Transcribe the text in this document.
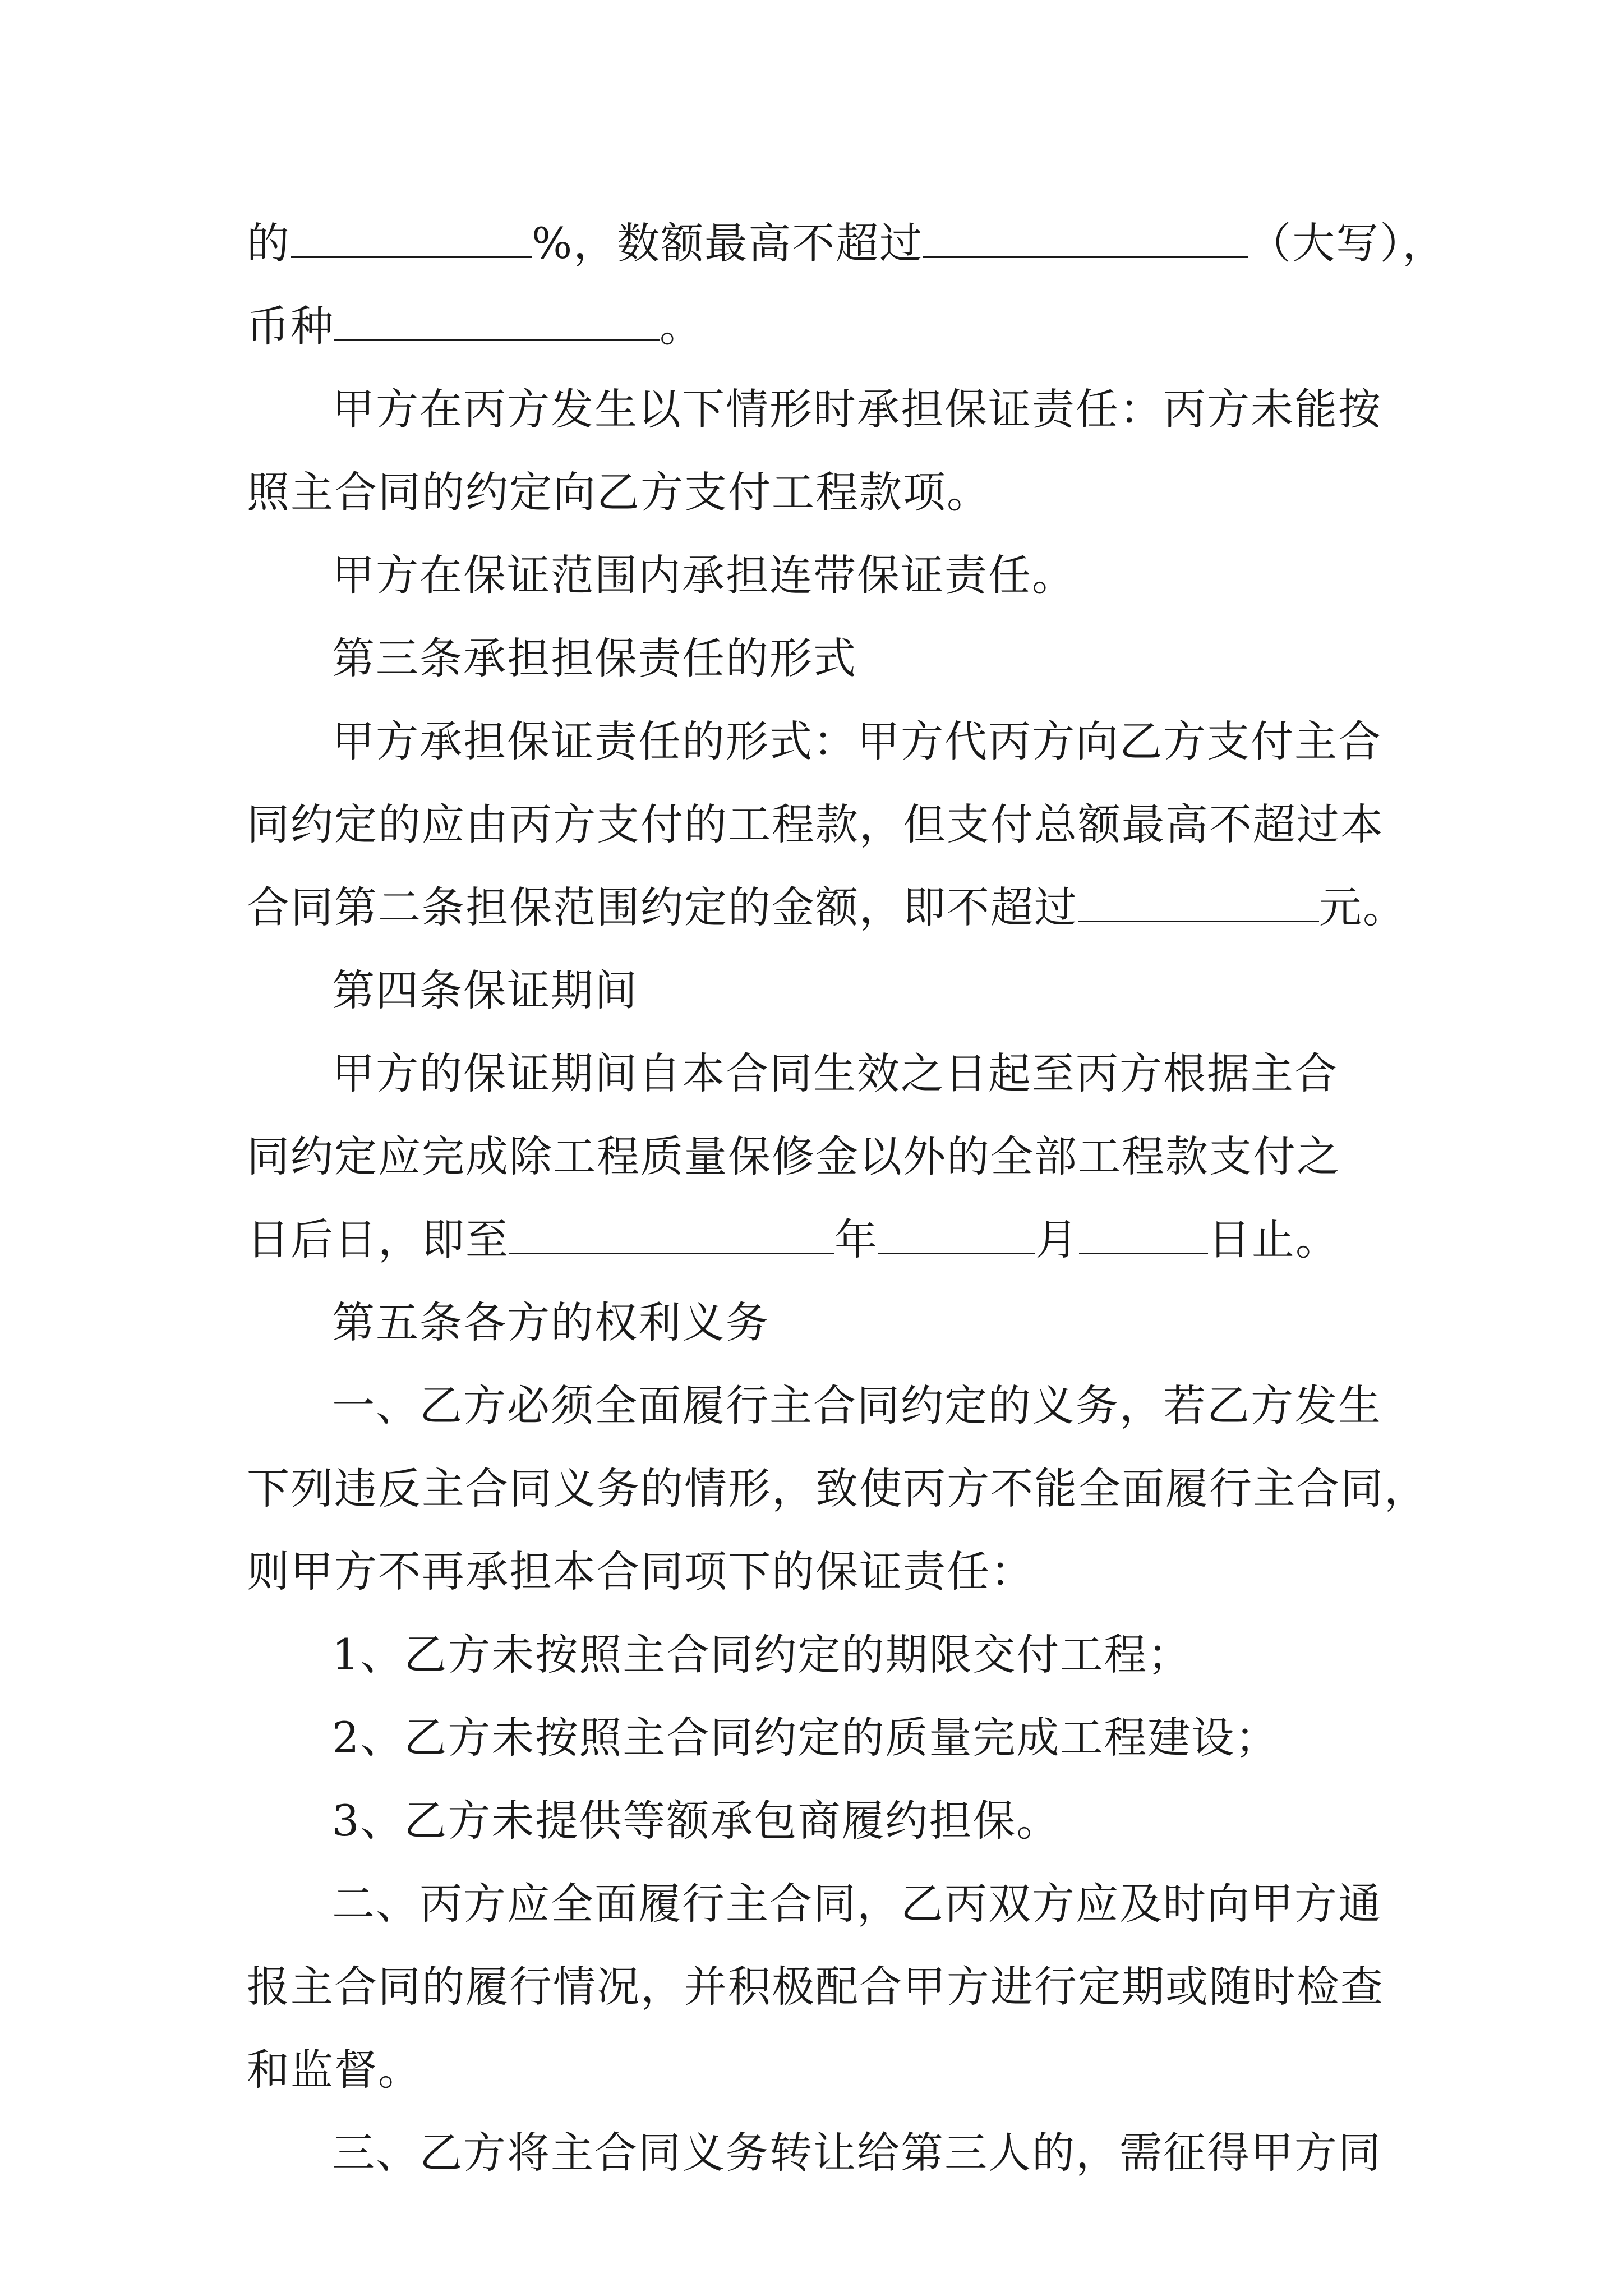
的	%，数额最高不超过	（大写），
币种	。
甲方在丙方发生以下情形时承担保证责任：丙方未能按
照主合同的约定向乙方支付工程款项。
甲方在保证范围内承担连带保证责任。
第三条承担担保责任的形式
甲方承担保证责任的形式：甲方代丙方向乙方支付主合
同约定的应由丙方支付的工程款，但支付总额最高不超过本
合同第二条担保范围约定的金额，即不超过	元。
第四条保证期间
甲方的保证期间自本合同生效之日起至丙方根据主合
同约定应完成除工程质量保修金以外的全部工程款支付之
日后日，即至	年	月	日止。
第五条各方的权利义务
一、乙方必须全面履行主合同约定的义务，若乙方发生
下列违反主合同义务的情形，致使丙方不能全面履行主合同，
则甲方不再承担本合同项下的保证责任：
1、乙方未按照主合同约定的期限交付工程；
2、乙方未按照主合同约定的质量完成工程建设；
3、乙方未提供等额承包商履约担保。
二、丙方应全面履行主合同，乙丙双方应及时向甲方通
报主合同的履行情况，并积极配合甲方进行定期或随时检查
和监督。
三、乙方将主合同义务转让给第三人的，需征得甲方同
